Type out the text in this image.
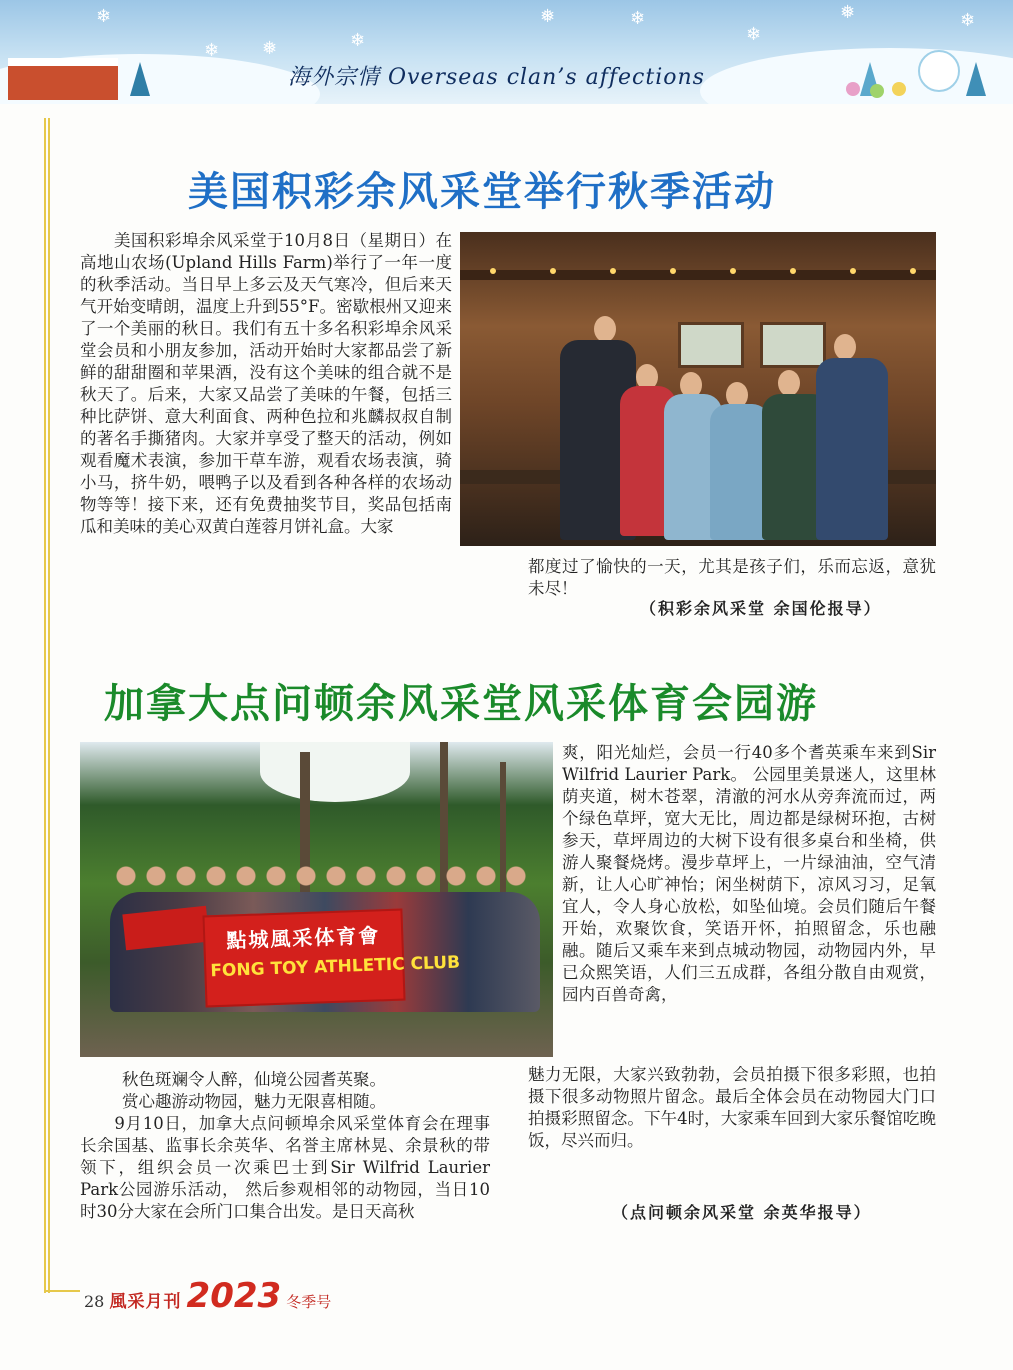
❄
❄ ❅	❄
❅	❄
❄
❅	❄
海外宗情 Overseas clan’s affections
美国积彩余风采堂举行秋季活动

　　美国积彩埠余风采堂于10月8日（星期日）在高地山农场(Upland Hills Farm)举行了一年一度的秋季活动。当日早上多云及天气寒冷，但后来天气开始变晴朗，温度上升到55°F。密歇根州又迎来了一个美丽的秋日。我们有五十多名积彩埠余风采堂会员和小朋友参加，活动开始时大家都品尝了新鲜的甜甜圈和苹果酒，没有这个美味的组合就不是秋天了。后来，大家又品尝了美味的午餐，包括三种比萨饼、意大利面食、两种色拉和兆麟叔叔自制的著名手撕猪肉。大家并享受了整天的活动，例如观看魔术表演，参加干草车游，观看农场表演，骑小马，挤牛奶，喂鸭子以及看到各种各样的农场动物等等！接下来，还有免费抽奖节目，奖品包括南瓜和美味的美心双黄白莲蓉月饼礼盒。大家

都度过了愉快的一天，尤其是孩子们，乐而忘返，意犹未尽！

（积彩余风采堂 余国伦报导）
加拿大点问顿余风采堂风采体育会园游
點城風采体育會
FONG TOY ATHLETIC CLUB
秋色斑斓令人醉，仙境公园耆英聚。
赏心趣游动物园，魅力无限喜相随。

　　9月10日，加拿大点问顿埠余风采堂体育会在理事长余国基、监事长余英华、名誉主席林晃、余景秋的带领下，组织会员一次乘巴士到Sir Wilfrid Laurier Park公园游乐活动， 然后参观相邻的动物园，当日10时30分大家在会所门口集合出发。是日天高秋

爽，阳光灿烂，会员一行40多个耆英乘车来到Sir Wilfrid Laurier Park。 公园里美景迷人，这里林荫夹道，树木苍翠，清澈的河水从旁奔流而过，两个绿色草坪，宽大无比，周边都是绿树环抱，古树参天，草坪周边的大树下设有很多桌台和坐椅，供游人聚餐烧烤。漫步草坪上，一片绿油油，空气清新，让人心旷神怡；闲坐树荫下，凉风习习，足氧宜人，令人身心放松，如坠仙境。会员们随后午餐开始，欢聚饮食，笑语开怀，拍照留念，乐也融融。随后又乘车来到点城动物园，动物园内外，早已众熙笑语，人们三五成群，各组分散自由观赏，园内百兽奇禽，

魅力无限，大家兴致勃勃，会员拍摄下很多彩照，也拍摄下很多动物照片留念。最后全体会员在动物园大门口拍摄彩照留念。下午4时，大家乘车回到大家乐餐馆吃晚饭，尽兴而归。

（点问顿余风采堂 余英华报导）
28 風采月刊 2023 冬季号
